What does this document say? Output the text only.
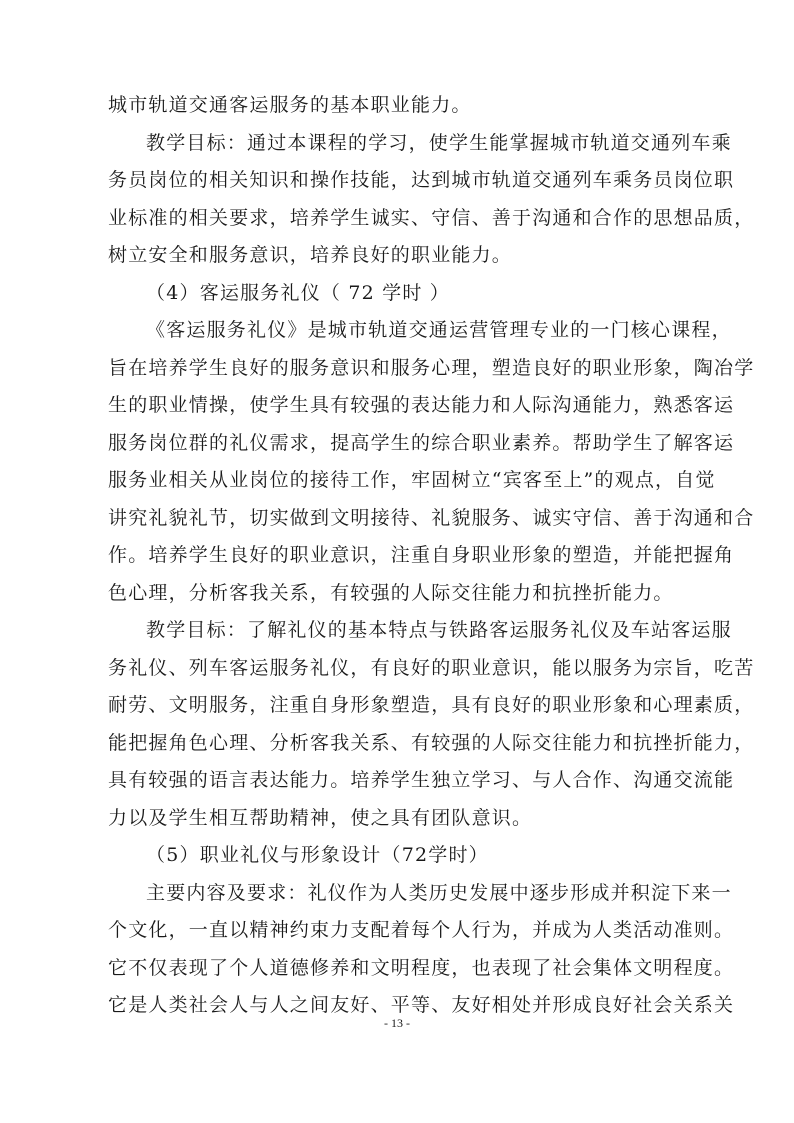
城市轨道交通客运服务的基本职业能力。
教学目标：通过本课程的学习，使学生能掌握城市轨道交通列车乘
务员岗位的相关知识和操作技能，达到城市轨道交通列车乘务员岗位职
业标准的相关要求，培养学生诚实、守信、善于沟通和合作的思想品质，
树立安全和服务意识，培养良好的职业能力。
（4）客运服务礼仪（ 72 学时 ）
《客运服务礼仪》是城市轨道交通运营管理专业的一门核心课程，
旨在培养学生良好的服务意识和服务心理，塑造良好的职业形象，陶冶学
生的职业情操，使学生具有较强的表达能力和人际沟通能力，熟悉客运
服务岗位群的礼仪需求，提高学生的综合职业素养。帮助学生了解客运
服务业相关从业岗位的接待工作，牢固树立“宾客至上”的观点，自觉
讲究礼貌礼节，切实做到文明接待、礼貌服务、诚实守信、善于沟通和合
作。培养学生良好的职业意识，注重自身职业形象的塑造，并能把握角
色心理，分析客我关系，有较强的人际交往能力和抗挫折能力。
教学目标：了解礼仪的基本特点与铁路客运服务礼仪及车站客运服
务礼仪、列车客运服务礼仪，有良好的职业意识，能以服务为宗旨，吃苦
耐劳、文明服务，注重自身形象塑造，具有良好的职业形象和心理素质，
能把握角色心理、分析客我关系、有较强的人际交往能力和抗挫折能力，
具有较强的语言表达能力。培养学生独立学习、与人合作、沟通交流能
力以及学生相互帮助精神，使之具有团队意识。
（5）职业礼仪与形象设计（72学时）
主要内容及要求：礼仪作为人类历史发展中逐步形成并积淀下来一
个文化，一直以精神约束力支配着每个人行为，并成为人类活动准则。
它不仅表现了个人道德修养和文明程度，也表现了社会集体文明程度。
它是人类社会人与人之间友好、平等、友好相处并形成良好社会关系关
- 13 -
